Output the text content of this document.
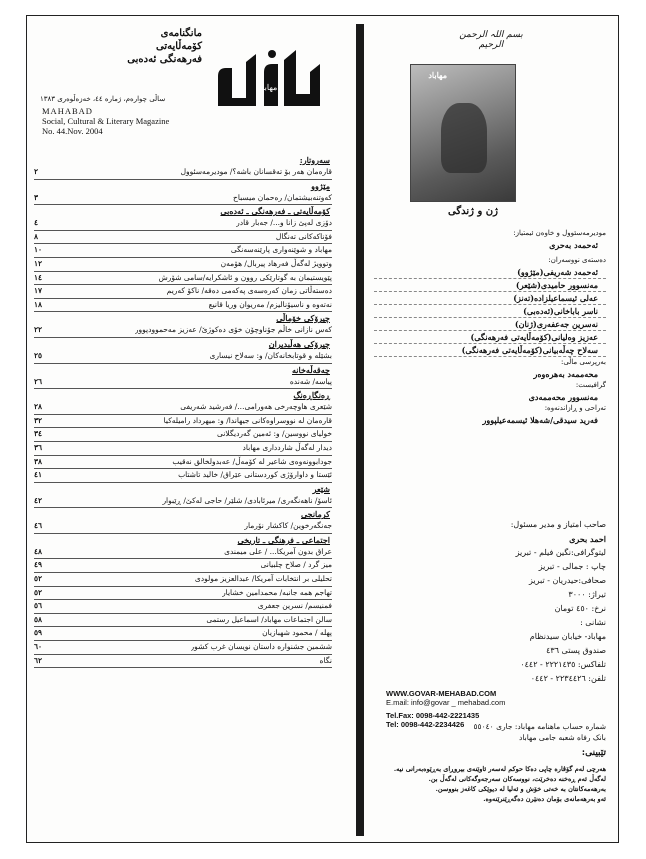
مانگنامەی
کۆمەڵایەتی
فەرهەنگی ئەدەبی
مهاباد
ساڵی چوارەم، ژمارە ٤٤، خەزەڵوەری ١٣٨٣
MAHABAD
Social, Cultural & Literary Magazine
No. 44.Nov. 2004
سەروتار:
قارەمان هەر بۆ تەقسانان باشە؟/ مودیرمەسئوول
٢
مێژوو
کەوتنەبیشتمان/ رەحمان میسباح
٣
کۆمەڵایەتی ـ فەرهەنگی ـ ئەدەبی
دۆزی لەپێ زانا و.../ جەبار قادر
٤
فۆناکەکانی تەنگال
٨
مهاباد و شوێنەواری پارێنەسەنگی
١٠
وتوویژ لەگەڵ فەرهاد پیربال/ هۆمەن
١٢
پێویستیمان بە گوتارێکی روون و ئاشکرایە/سامی شۆرش
١٤
دەستەڵاتی زمان کەرەسەی پەکەمی دەقە/ ناکۆ کەریم
١٧
نەتەوە و ناسیۆنالیزم/ مەریوان وریا قانیع
١٨
چیرۆکی خۆماڵی
کەس نازانی خاڵم جۆناوچۆن خۆی دەکوژێ/ عەزیز مەحموودپوور
٢٢
چیرۆکی هەڵبدیران
بشێلە و قوتابخانەکان/ و: سەلاح نیساری
٢٥
چەقەڵەخانە
پیاسە/ شەنده
٢٦
ڕەنگاڕەنگ
شێعری هاوچەرخی هەورامی.../ فەرشید شەریفی
٢٨
قارەمان لە نووسراوەکانی جیهاندا/ و: میهرداد رامیلەکیا
٣٢
خولیای نووسین/ و: ئەمین گەردیگلانی
٣٤
دیدار لەگەڵ شاردداری مهاباد
٣٦
جودابوونەوەی شاعیر لە کۆمەڵ/ عەبدولخالق نەقیب
٣٨
ئێستا و داوارۆژی کوردستانی عێراق/ خالید تاشتاب
٤١
شێعر
ئاسۆ/ ناهەنگەری/ میرئابادی/ شلێر/ حاجی لەکێ/ ڕێبوار
٤٢
کرمانجی
جەنگەرخوین/ کاکشار نۆرمار
٤٦
اجتماعی ـ فرهنگی ـ تاریخی
عراق بدون آمریکا... / علی میمندی
٤٨
میز گرد / صلاح چلبیانی
٤٩
تحلیلی بر انتخابات آمریکا/ عبدالعزیز مولودی
٥٢
تهاجم همه جانبه/ محمدامین خشایار
٥٢
فمنیسم/ نسرین جعفری
٥٦
سالن اجتماعات مهاباد/ اسماعیل رستمی
٥٨
پهله / محمود شهبازیان
٥٩
ششمین جشنواره داستان نویسان غرب کشور
٦٠
نگاه
٦٢
بسم اللہ الرحمن الرحیم
مهاباد
ژن و ژندگی
مودیرمەسئوول و خاوەن ئیمتیاز:
ئەحمەد بەحری
دەستەی نووسەران:
ئەحمەد شەریفی(مێژوو)
مەنسوور حامیدی(شێعر)
عەلی ئیسماعیلزادە(تەنز)
ناسر باباخانی(ئەدەبی)
نەسرین جەعفەری(ژنان)
عەزیز وەلیانی(کۆمەڵایەتی فەرهەنگی)
سەلاح چەڵەبیانی(کۆمەڵایەتی فەرهەنگی)
بەرپرسی ماڵی:
محەممەد بەهرەوەر
گرافیست:
مەنسوور محەممەدی
تەراحی و ڕازاندنەوە:
فەرید سیدقی/شەهلا ئیسمەعیلپوور
صاحب امتیاز و مدیر مسئول:
احمد بحری
لیتوگرافی:نگین فیلم - تبریز
چاپ : جمالی - تبریز
صحافی:حیدریان - تبریز
تیراژ: ٣٠٠٠
نرخ: ٤٥٠ تومان
نشانی :
مهاباد- خیابان سیدنظام
صندوق پستی ٤٣٦
تلفاکس: ٢٢٢١٤٣٥ - ٠٤٤٢
تلفن: ٢٢٣٤٤٢٦ - ٠٤٤٢
WWW.GOVAR-MEHABAD.COM
E.mail: info@govar _ mehabad.com
Tel.Fax: 0098-442-2221435
Tel: 0098-442-2234426	شماره حساب ماهنامه مهاباد: جاری ٥٥٠٤٠
بانک رفاه شعبه جامی مهاباد
تێبینی:
هەرچی لەم گۆڤارە چاپی دەکا حوکم لەسەر ئاوێنەی بیروڕای بەڕێوەبەرانی نیە.
لەگەڵ ئەم ڕەخنە دەخرێت، نووسەکان سەرجەوگەکانی لەگەڵ بن.
بەرهەمەکانتان بە خەتی خۆش و ئەلیا لە دیوێکی کاغەز بنووسن.
ئەو بەرهەمانەی بۆمان دەنێرن دەگەڕێنرێنەوە.
